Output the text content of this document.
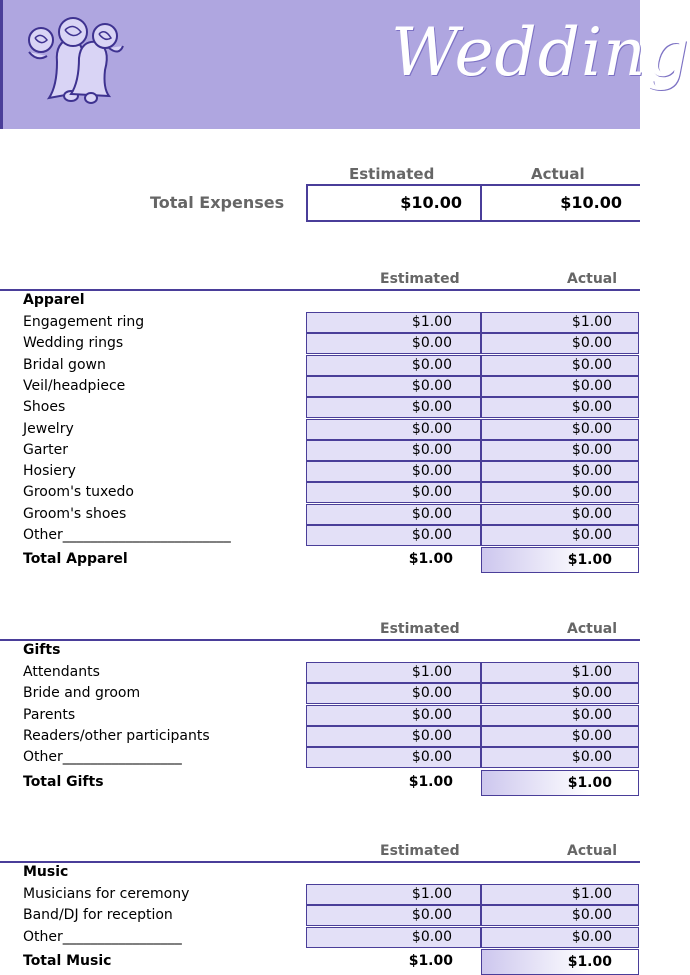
Wedding
Estimated	Actual
Total Expenses	$10.00	$10.00
Estimated	Actual
Apparel
Engagement ring	$1.00	$1.00
Wedding rings	$0.00	$0.00
Bridal gown	$0.00	$0.00
Veil/headpiece	$0.00	$0.00
Shoes	$0.00	$0.00
Jewelry	$0.00	$0.00
Garter	$0.00	$0.00
Hosiery	$0.00	$0.00
Groom's tuxedo	$0.00	$0.00
Groom's shoes	$0.00	$0.00
Other________________________	$0.00	$0.00
Total Apparel	$1.00	$1.00
Estimated	Actual
Gifts
Attendants	$1.00	$1.00
Bride and groom	$0.00	$0.00
Parents	$0.00	$0.00
Readers/other participants	$0.00	$0.00
Other_________________	$0.00	$0.00
Total Gifts	$1.00	$1.00
Estimated	Actual
Music
Musicians for ceremony	$1.00	$1.00
Band/DJ for reception	$0.00	$0.00
Other_________________	$0.00	$0.00
Total Music	$1.00	$1.00
